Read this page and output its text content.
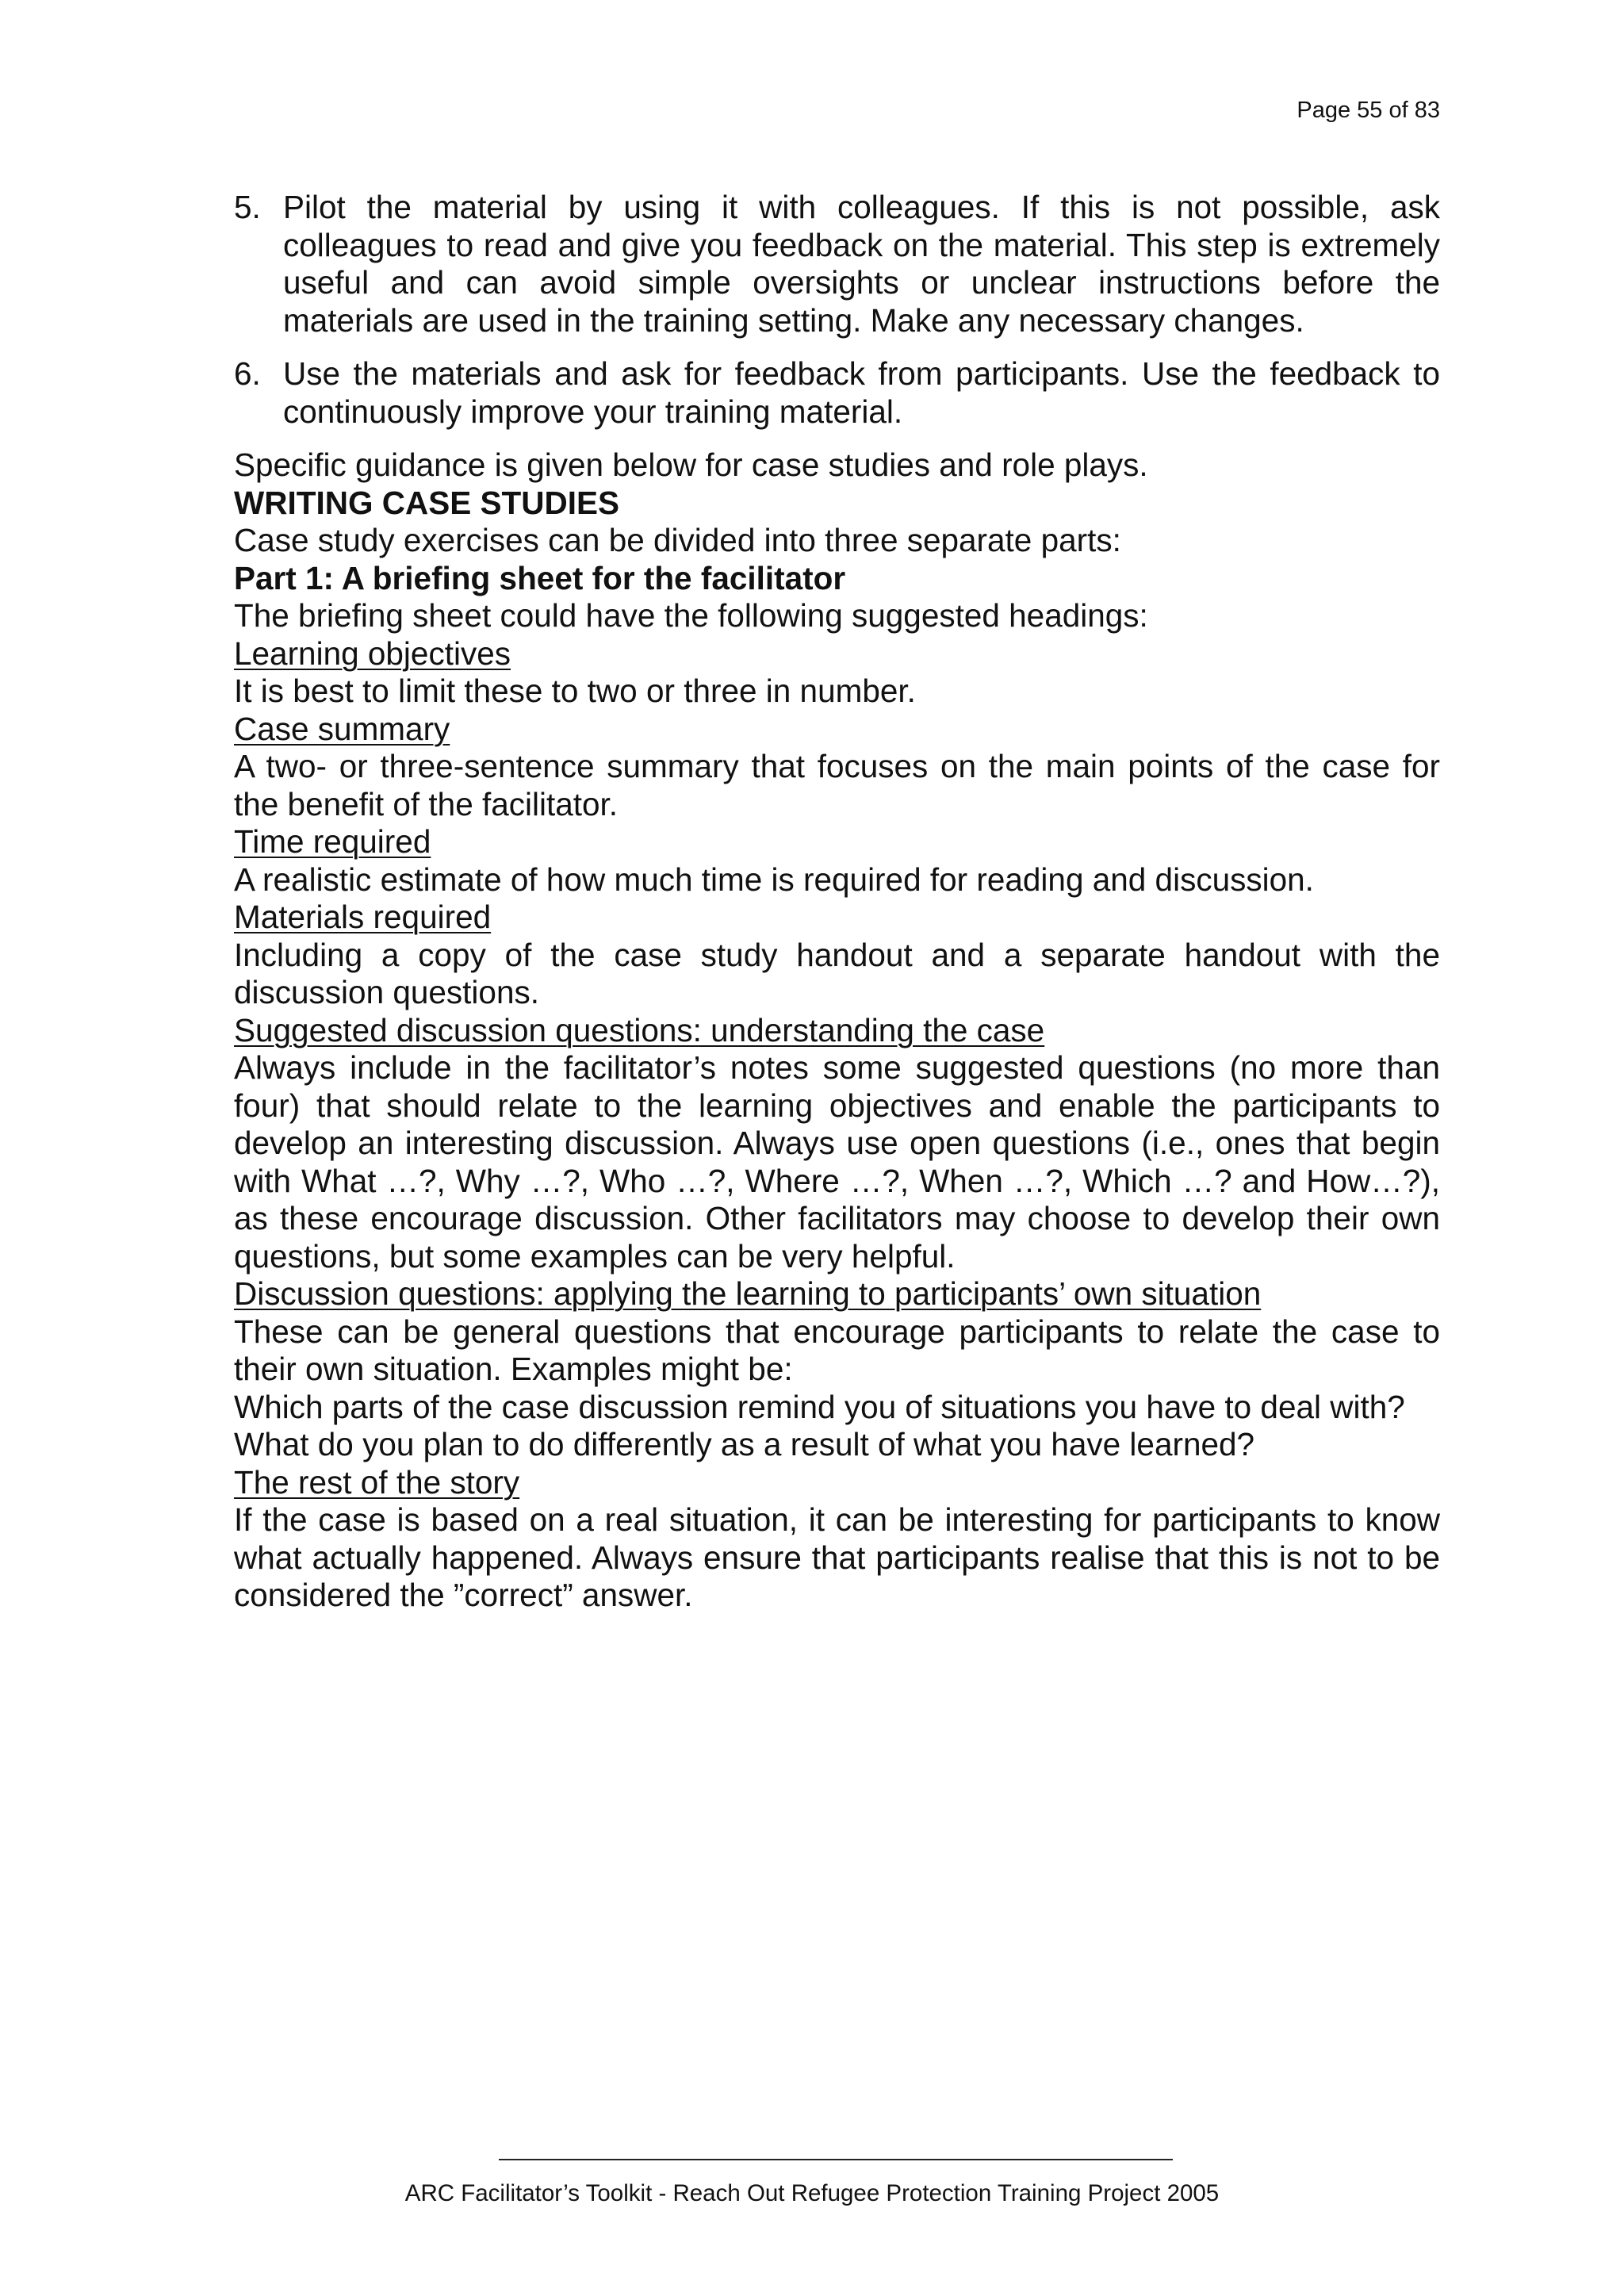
Page 55 of 83
5. Pilot the material by using it with colleagues. If this is not possible, ask colleagues to read and give you feedback on the material. This step is extremely useful and can avoid simple oversights or unclear instructions before the materials are used in the training setting. Make any necessary changes.
6. Use the materials and ask for feedback from participants. Use the feedback to continuously improve your training material.

Specific guidance is given below for case studies and role plays.

WRITING CASE STUDIES

Case study exercises can be divided into three separate parts:

Part 1: A briefing sheet for the facilitator

The briefing sheet could have the following suggested headings:

Learning objectives

It is best to limit these to two or three in number.

Case summary

A two- or three-sentence summary that focuses on the main points of the case for the benefit of the facilitator.

Time required

A realistic estimate of how much time is required for reading and discussion.

Materials required

Including a copy of the case study handout and a separate handout with the discussion questions.

Suggested discussion questions: understanding the case

Always include in the facilitator’s notes some suggested questions (no more than four) that should relate to the learning objectives and enable the participants to develop an interesting discussion. Always use open questions (i.e., ones that begin with What …?, Why …?, Who …?, Where …?, When …?, Which …? and How…?), as these encourage discussion. Other facilitators may choose to develop their own questions, but some examples can be very helpful.

Discussion questions: applying the learning to participants’ own situation

These can be general questions that encourage participants to relate the case to their own situation. Examples might be:

Which parts of the case discussion remind you of situations you have to deal with?

What do you plan to do differently as a result of what you have learned?

The rest of the story

If the case is based on a real situation, it can be interesting for participants to know what actually happened. Always ensure that participants realise that this is not to be considered the ”correct” answer.

ARC Facilitator’s Toolkit - Reach Out Refugee Protection Training Project 2005
